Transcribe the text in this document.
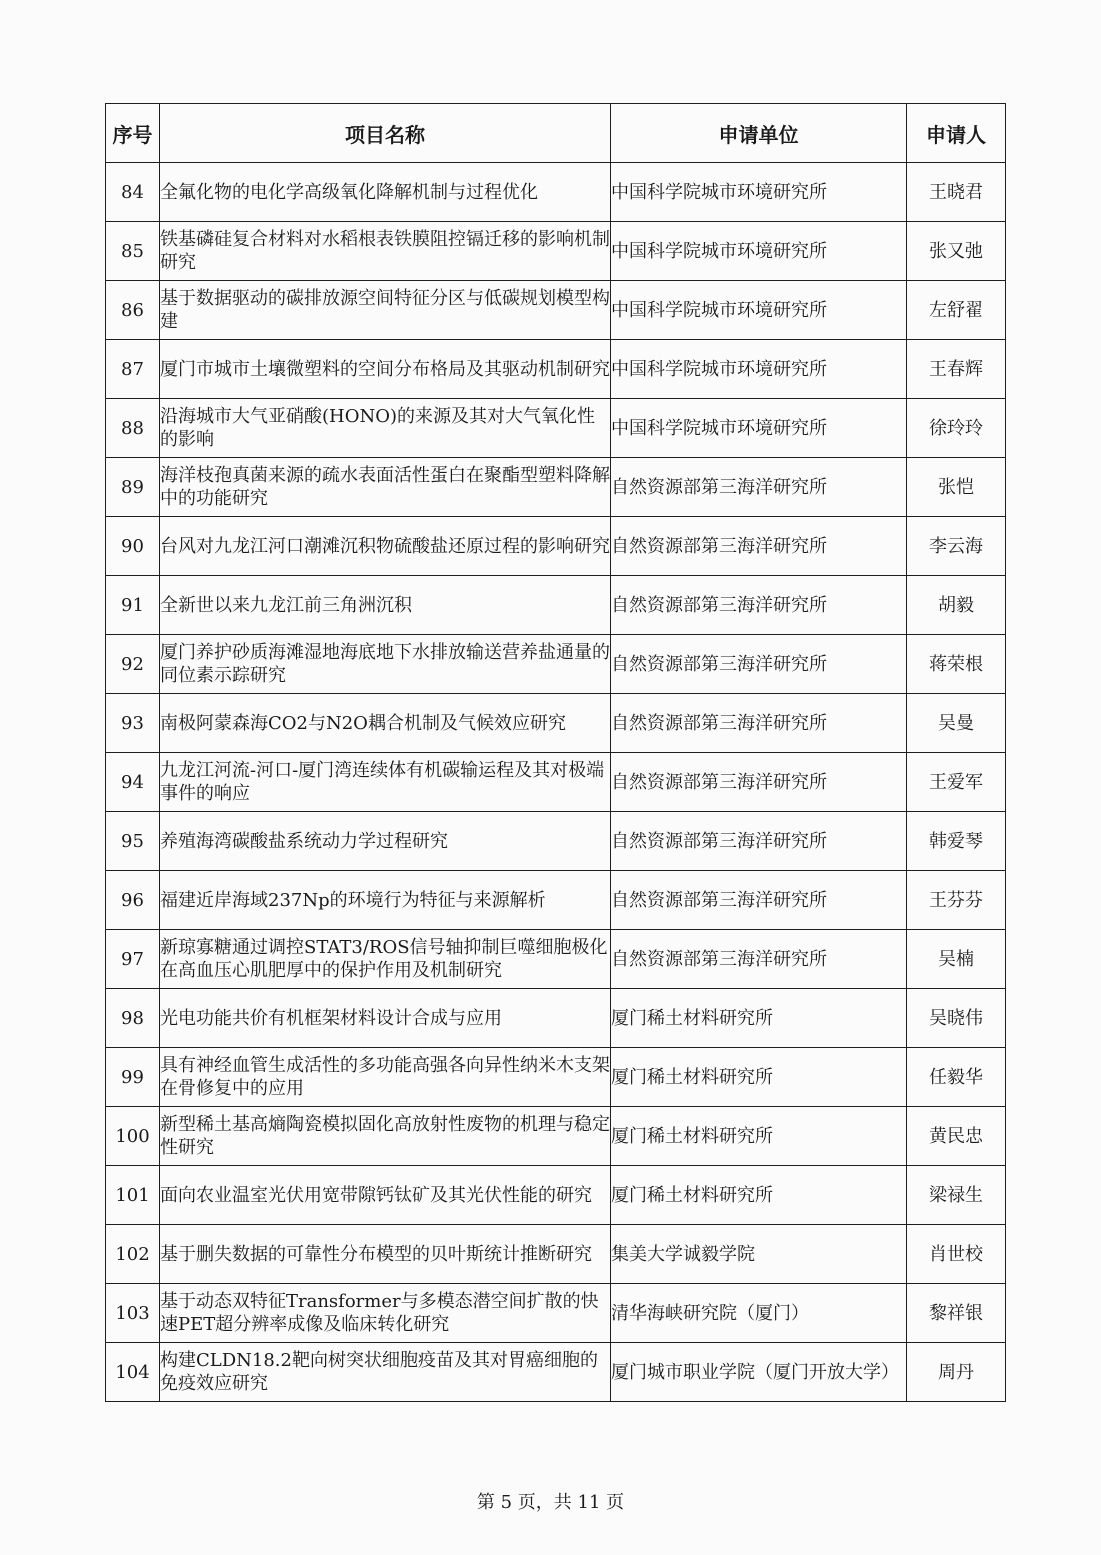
序号	项目名称	申请单位	申请人
84	全氟化物的电化学高级氧化降解机制与过程优化	中国科学院城市环境研究所	王晓君
85	铁基磷硅复合材料对水稻根表铁膜阻控镉迁移的影响机制研究	中国科学院城市环境研究所	张又弛
86	基于数据驱动的碳排放源空间特征分区与低碳规划模型构建	中国科学院城市环境研究所	左舒翟
87	厦门市城市土壤微塑料的空间分布格局及其驱动机制研究	中国科学院城市环境研究所	王春辉
88	沿海城市大气亚硝酸(HONO)的来源及其对大气氧化性的影响	中国科学院城市环境研究所	徐玲玲
89	海洋枝孢真菌来源的疏水表面活性蛋白在聚酯型塑料降解中的功能研究	自然资源部第三海洋研究所	张恺
90	台风对九龙江河口潮滩沉积物硫酸盐还原过程的影响研究	自然资源部第三海洋研究所	李云海
91	全新世以来九龙江前三角洲沉积	自然资源部第三海洋研究所	胡毅
92	厦门养护砂质海滩湿地海底地下水排放输送营养盐通量的同位素示踪研究	自然资源部第三海洋研究所	蒋荣根
93	南极阿蒙森海CO2与N2O耦合机制及气候效应研究	自然资源部第三海洋研究所	吴曼
94	九龙江河流-河口-厦门湾连续体有机碳输运程及其对极端事件的响应	自然资源部第三海洋研究所	王爱军
95	养殖海湾碳酸盐系统动力学过程研究	自然资源部第三海洋研究所	韩爱琴
96	福建近岸海域237Np的环境行为特征与来源解析	自然资源部第三海洋研究所	王芬芬
97	新琼寡糖通过调控STAT3/ROS信号轴抑制巨噬细胞极化在高血压心肌肥厚中的保护作用及机制研究	自然资源部第三海洋研究所	吴楠
98	光电功能共价有机框架材料设计合成与应用	厦门稀土材料研究所	吴晓伟
99	具有神经血管生成活性的多功能高强各向异性纳米木支架在骨修复中的应用	厦门稀土材料研究所	任毅华
100	新型稀土基高熵陶瓷模拟固化高放射性废物的机理与稳定性研究	厦门稀土材料研究所	黄民忠
101	面向农业温室光伏用宽带隙钙钛矿及其光伏性能的研究	厦门稀土材料研究所	梁禄生
102	基于删失数据的可靠性分布模型的贝叶斯统计推断研究	集美大学诚毅学院	肖世校
103	基于动态双特征Transformer与多模态潜空间扩散的快速PET超分辨率成像及临床转化研究	清华海峡研究院（厦门）	黎祥银
104	构建CLDN18.2靶向树突状细胞疫苗及其对胃癌细胞的免疫效应研究	厦门城市职业学院（厦门开放大学）	周丹
第 5 页，共 11 页
